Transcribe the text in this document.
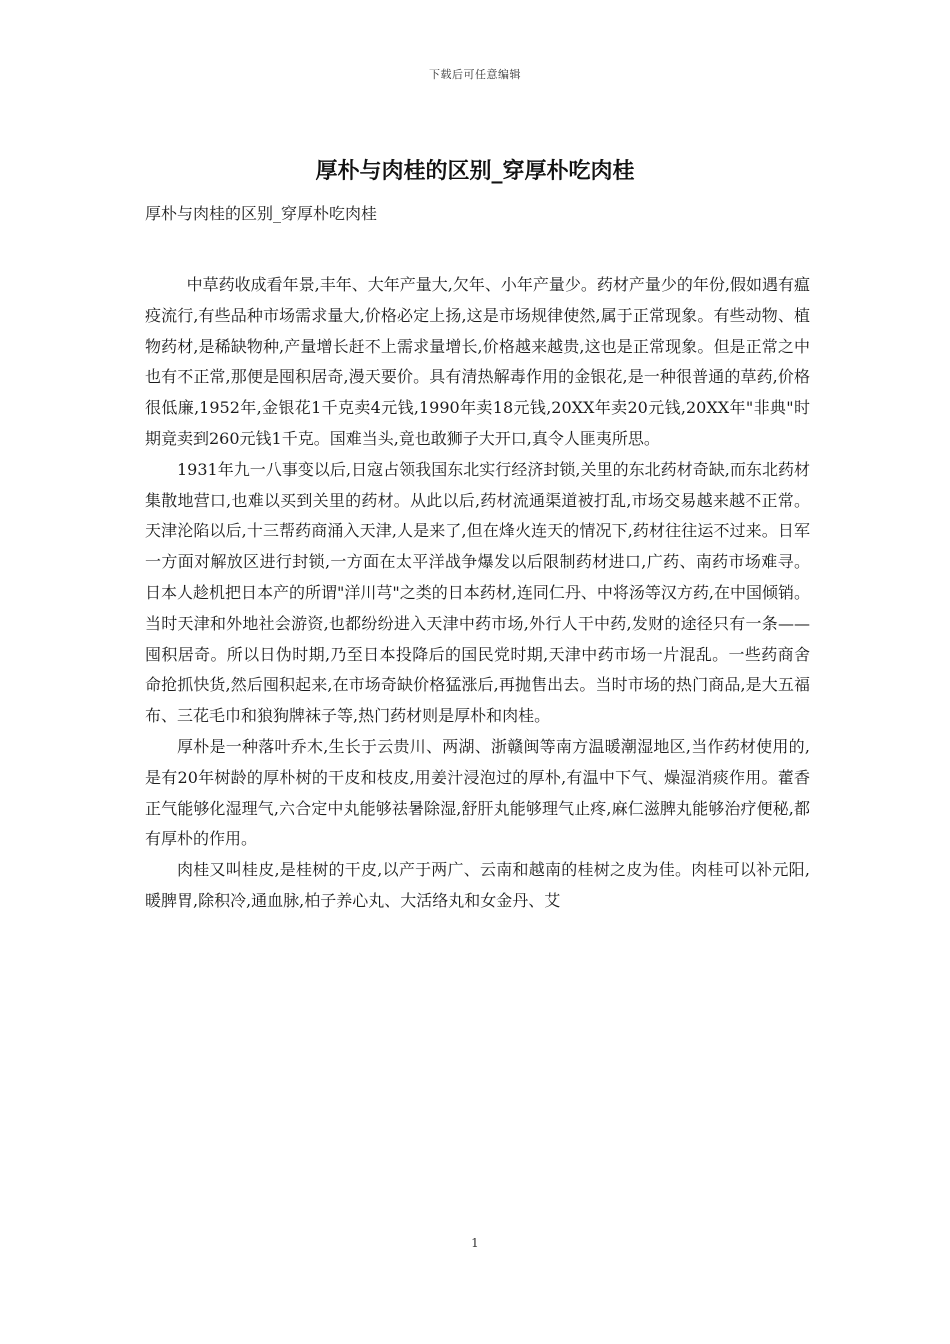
下载后可任意编辑
厚朴与肉桂的区别_穿厚朴吃肉桂

厚朴与肉桂的区别_穿厚朴吃肉桂

中草药收成看年景,丰年、大年产量大,欠年、小年产量少。药材产量少的年份,假如遇有瘟疫流行,有些品种市场需求量大,价格必定上扬,这是市场规律使然,属于正常现象。有些动物、植物药材,是稀缺物种,产量增长赶不上需求量增长,价格越来越贵,这也是正常现象。但是正常之中也有不正常,那便是囤积居奇,漫天要价。具有清热解毒作用的金银花,是一种很普通的草药,价格很低廉,1952年,金银花1千克卖4元钱,1990年卖18元钱,20XX年卖20元钱,20XX年"非典"时期竟卖到260元钱1千克。国难当头,竟也敢狮子大开口,真令人匪夷所思。

1931年九一八事变以后,日寇占领我国东北实行经济封锁,关里的东北药材奇缺,而东北药材集散地营口,也难以买到关里的药材。从此以后,药材流通渠道被打乱,市场交易越来越不正常。天津沦陷以后,十三帮药商涌入天津,人是来了,但在烽火连天的情况下,药材往往运不过来。日军一方面对解放区进行封锁,一方面在太平洋战争爆发以后限制药材进口,广药、南药市场难寻。日本人趁机把日本产的所谓"洋川芎"之类的日本药材,连同仁丹、中将汤等汉方药,在中国倾销。当时天津和外地社会游资,也都纷纷进入天津中药市场,外行人干中药,发财的途径只有一条——囤积居奇。所以日伪时期,乃至日本投降后的国民党时期,天津中药市场一片混乱。一些药商舍命抢抓快货,然后囤积起来,在市场奇缺价格猛涨后,再抛售出去。当时市场的热门商品,是大五福布、三花毛巾和狼狗牌袜子等,热门药材则是厚朴和肉桂。

厚朴是一种落叶乔木,生长于云贵川、两湖、浙赣闽等南方温暖潮湿地区,当作药材使用的,是有20年树龄的厚朴树的干皮和枝皮,用姜汁浸泡过的厚朴,有温中下气、燥湿消痰作用。藿香正气能够化湿理气,六合定中丸能够祛暑除湿,舒肝丸能够理气止疼,麻仁滋脾丸能够治疗便秘,都有厚朴的作用。

肉桂又叫桂皮,是桂树的干皮,以产于两广、云南和越南的桂树之皮为佳。肉桂可以补元阳,暖脾胃,除积冷,通血脉,柏子养心丸、大活络丸和女金丹、艾

1
